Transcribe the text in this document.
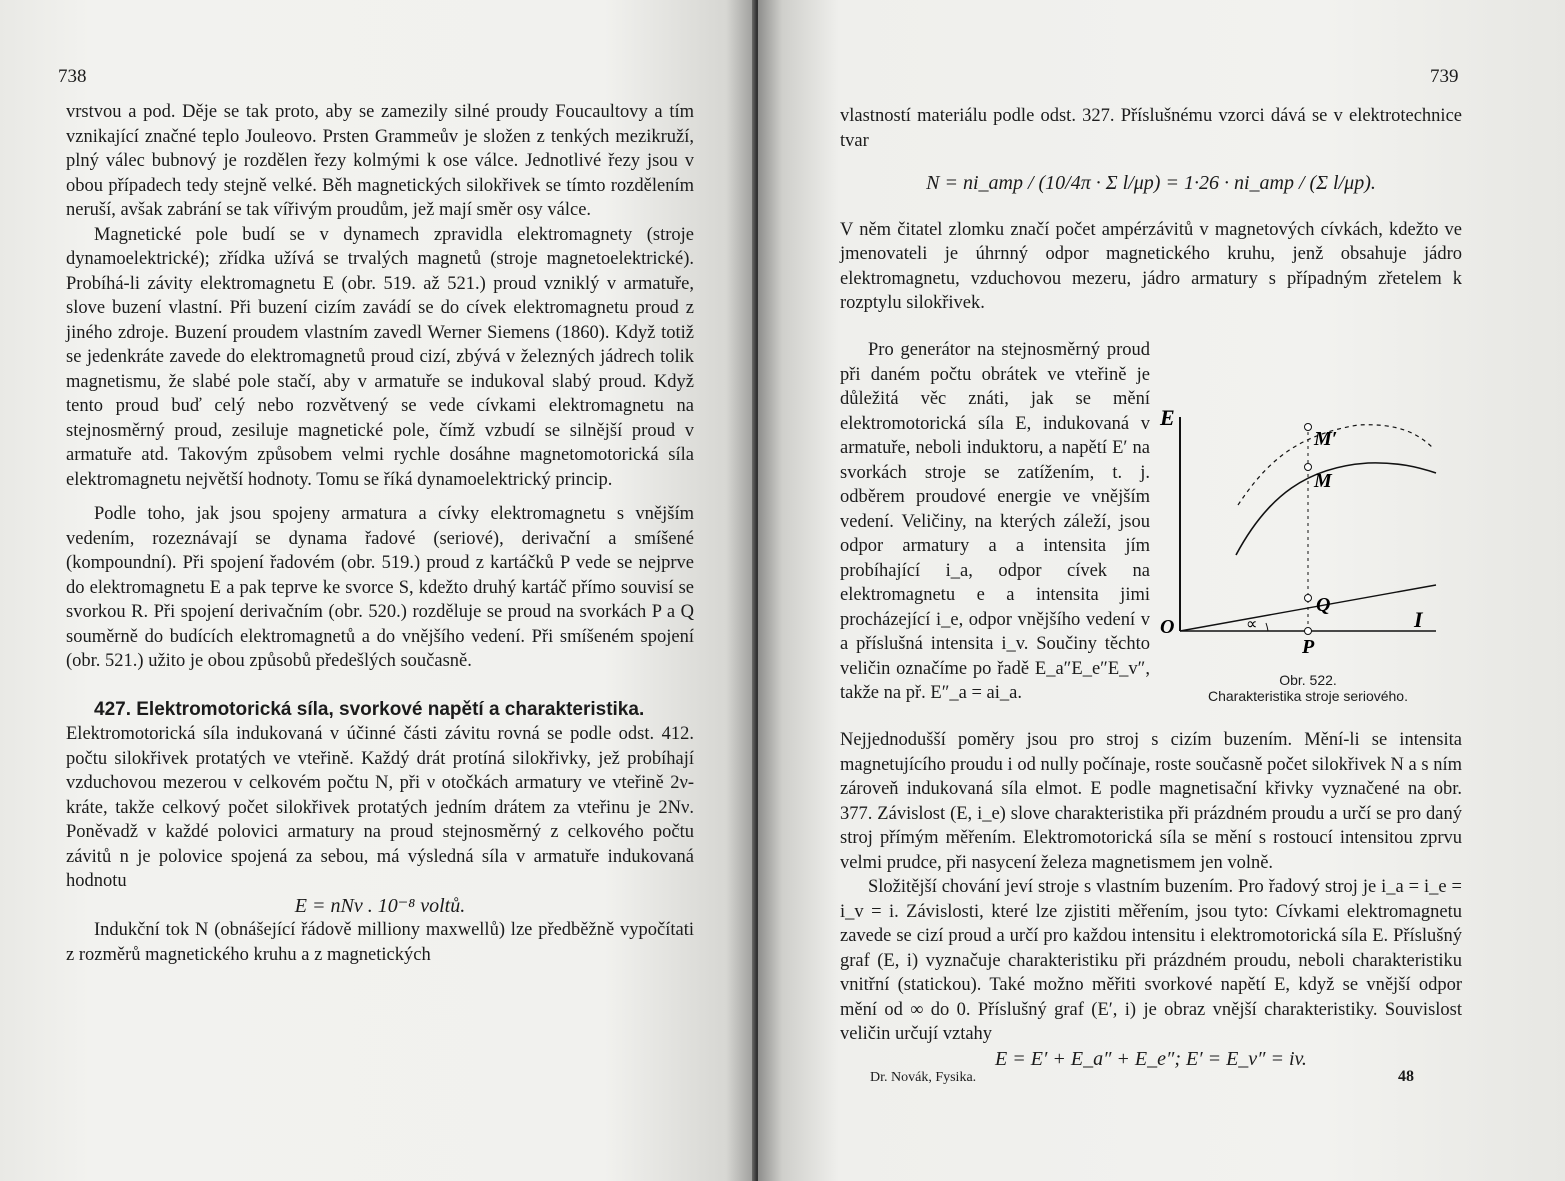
738

vrstvou a pod. Děje se tak proto, aby se zamezily silné proudy Foucaultovy a tím vznikající značné teplo Jouleovo. Prsten Grammeův je složen z tenkých mezikruží, plný válec bubnový je rozdělen řezy kolmými k ose válce. Jednotlivé řezy jsou v obou případech tedy stejně velké. Běh magnetických silokřivek se tímto rozdělením neruší, avšak zabrání se tak vířivým proudům, jež mají směr osy válce.

Magnetické pole budí se v dynamech zpravidla elektromagnety (stroje dynamoelektrické); zřídka užívá se trvalých magnetů (stroje magnetoelektrické). Probíhá-li závity elektromagnetu E (obr. 519. až 521.) proud vzniklý v armatuře, slove buzení vlastní. Při buzení cizím zavádí se do cívek elektromagnetu proud z jiného zdroje. Buzení proudem vlastním zavedl Werner Siemens (1860). Když totiž se jedenkráte zavede do elektromagnetů proud cizí, zbývá v železných jádrech tolik magnetismu, že slabé pole stačí, aby v armatuře se indukoval slabý proud. Když tento proud buď celý nebo rozvětvený se vede cívkami elektromagnetu na stejnosměrný proud, zesiluje magnetické pole, čímž vzbudí se silnější proud v armatuře atd. Takovým způsobem velmi rychle dosáhne magnetomotorická síla elektromagnetu největší hodnoty. Tomu se říká dynamoelektrický princip.

Podle toho, jak jsou spojeny armatura a cívky elektromagnetu s vnějším vedením, rozeznávají se dynama řadové (seriové), derivační a smíšené (kompoundní). Při spojení řadovém (obr. 519.) proud z kartáčků P vede se nejprve do elektromagnetu E a pak teprve ke svorce S, kdežto druhý kartáč přímo souvisí se svorkou R. Při spojení derivačním (obr. 520.) rozděluje se proud na svorkách P a Q souměrně do budících elektromagnetů a do vnějšího vedení. Při smíšeném spojení (obr. 521.) užito je obou způsobů předešlých současně.

427. Elektromotorická síla, svorkové napětí a charakteristika.

Elektromotorická síla indukovaná v účinné části závitu rovná se podle odst. 412. počtu silokřivek protatých ve vteřině. Každý drát protíná silokřivky, jež probíhají vzduchovou mezerou v celkovém počtu N, při ν otočkách armatury ve vteřině 2ν-kráte, takže celkový počet silokřivek protatých jedním drátem za vteřinu je 2Nν. Poněvadž v každé polovici armatury na proud stejnosměrný z celkového počtu závitů n je polovice spojená za sebou, má výsledná síla v armatuře indukovaná hodnotu

E = nNν . 10⁻⁸ voltů.

Indukční tok N (obnášející řádově milliony maxwellů) lze předběžně vypočítati z rozměrů magnetického kruhu a z magnetických

739

vlastností materiálu podle odst. 327. Příslušnému vzorci dává se v elektrotechnice tvar

N = ni_amp / (10/4π · Σ l/μp) = 1·26 · ni_amp / (Σ l/μp).

V něm čitatel zlomku značí počet ampérzávitů v magnetových cívkách, kdežto ve jmenovateli je úhrnný odpor magnetického kruhu, jenž obsahuje jádro elektromagnetu, vzduchovou mezeru, jádro armatury s případným zřetelem k rozptylu silokřivek.

Pro generátor na stejnosměrný proud při daném počtu obrátek ve vteřině je důležitá věc znáti, jak se mění elektromotorická síla E, indukovaná v armatuře, neboli induktoru, a napětí E′ na svorkách stroje se zatížením, t. j. odběrem proudové energie ve vnějším vedení. Veličiny, na kterých záleží, jsou odpor armatury a a intensita jím probíhající i_a, odpor cívek na elektromagnetu e a intensita jimi procházející i_e, odpor vnějšího vedení v a příslušná intensita i_v. Součiny těchto veličin označíme po řadě E_a″E_e″E_v″, takže na př. E″_a = ai_a.

Nejjednodušší poměry jsou pro stroj s cizím buzením. Mění-li se intensita magnetujícího proudu i od nully počínaje, roste současně počet silokřivek N a s ním zároveň indukovaná síla elmot. E podle magnetisační křivky vyznačené na obr. 377. Závislost (E, i_e) slove charakteristika při prázdném proudu a určí se pro daný stroj přímým měřením. Elektromotorická síla se mění s rostoucí intensitou zprvu velmi prudce, při nasycení železa magnetismem jen volně.

Složitější chování jeví stroje s vlastním buzením. Pro řadový stroj je i_a = i_e = i_v = i. Závislosti, které lze zjistiti měřením, jsou tyto: Cívkami elektromagnetu zavede se cizí proud a určí pro každou intensitu i elektromotorická síla E. Příslušný graf (E, i) vyznačuje charakteristiku při prázdném proudu, neboli charakteristiku vnitřní (statickou). Také možno měřiti svorkové napětí E, když se vnější odpor mění od ∞ do 0. Příslušný graf (E′, i) je obraz vnější charakteristiky. Souvislost veličin určují vztahy

E = E′ + E_a″ + E_e″; E′ = E_v″ = iv.

Dr. Novák, Fysika.	48
E
O	I
P
Q
M
M′
∝
Obr. 522.
Charakteristika stroje seriového.
